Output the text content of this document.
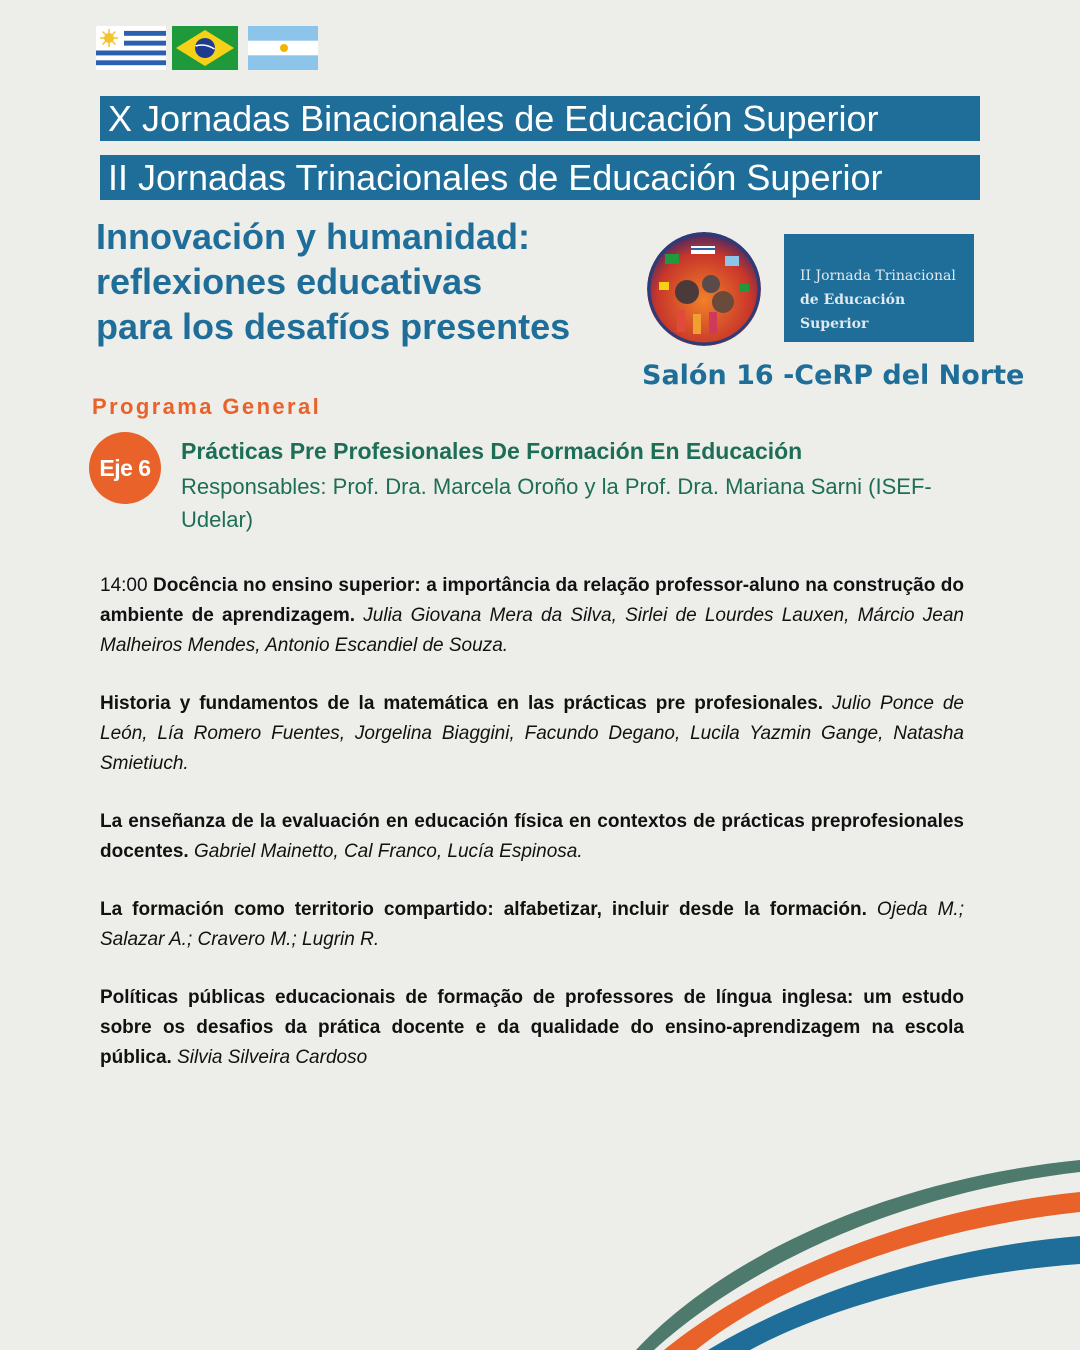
X Jornadas Binacionales de Educación Superior
II Jornadas Trinacionales de Educación Superior
Innovación y humanidad:
reflexiones educativas
para los desafíos presentes
II Jornada Trinacional
de Educación Superior
Salón 16 -CeRP del Norte
Programa General
Eje 6
Prácticas Pre Profesionales De Formación En Educación
Responsables: Prof. Dra. Marcela Oroño y la Prof. Dra. Mariana Sarni (ISEF-Udelar)
14:00 Docência no ensino superior: a importância da relação professor-aluno na construção do ambiente de aprendizagem. Julia Giovana Mera da Silva, Sirlei de Lourdes Lauxen, Márcio Jean Malheiros Mendes, Antonio Escandiel de Souza.
Historia y fundamentos de la matemática en las prácticas pre profesionales. Julio Ponce de León, Lía Romero Fuentes, Jorgelina Biaggini, Facundo Degano, Lucila Yazmin Gange, Natasha Smietiuch.
La enseñanza de la evaluación en educación física en contextos de prácticas preprofesionales docentes. Gabriel Mainetto, Cal Franco, Lucía Espinosa.
La formación como territorio compartido: alfabetizar, incluir desde la formación. Ojeda M.; Salazar A.; Cravero M.; Lugrin R.
Políticas públicas educacionais de formação de professores de língua inglesa: um estudo sobre os desafios da prática docente e da qualidade do ensino-aprendizagem na escola pública. Silvia Silveira Cardoso
